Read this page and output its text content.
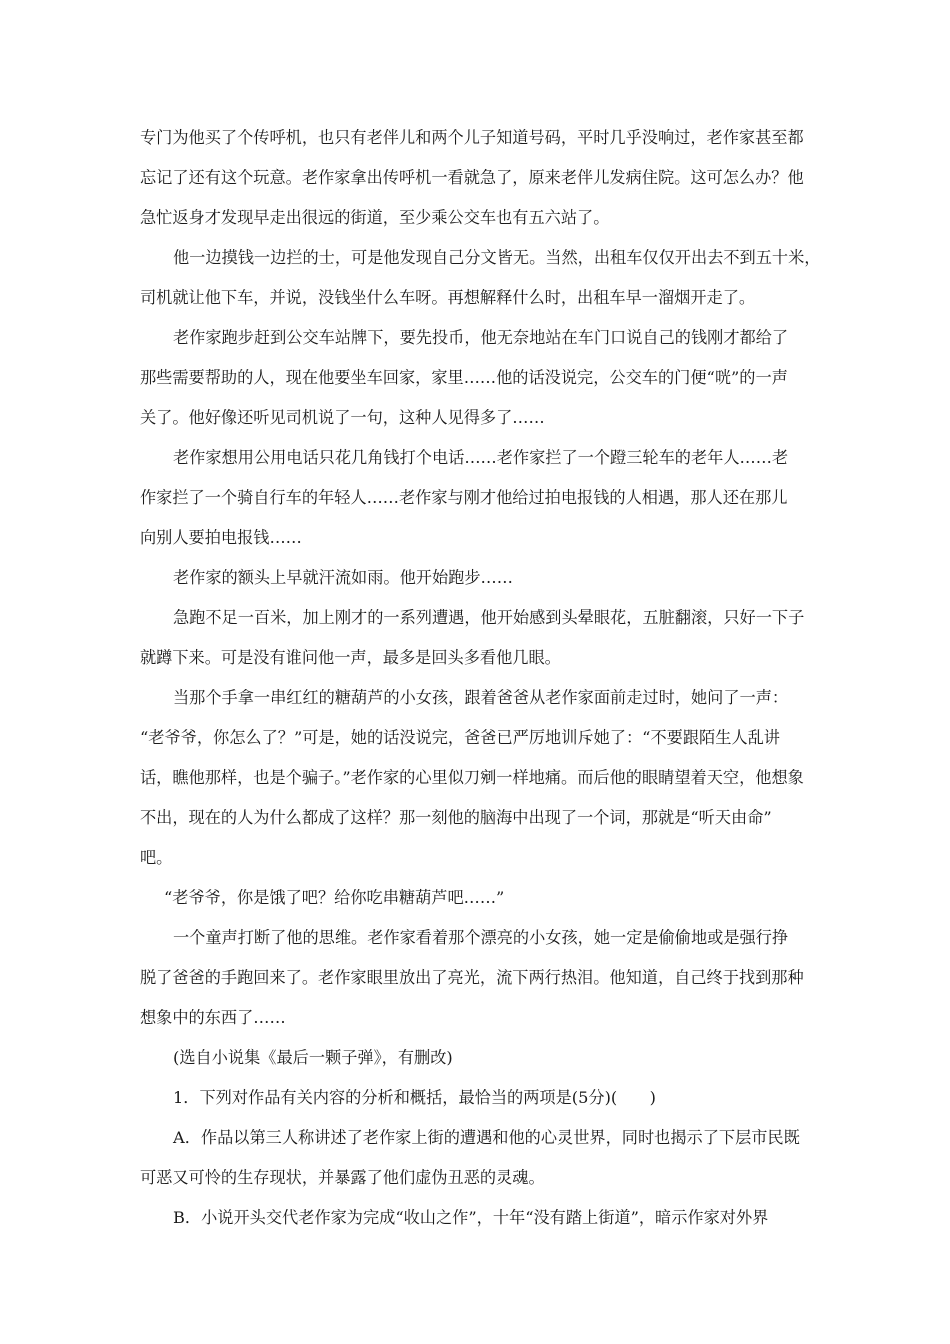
专门为他买了个传呼机，也只有老伴儿和两个儿子知道号码，平时几乎没响过，老作家甚至都
忘记了还有这个玩意。老作家拿出传呼机一看就急了，原来老伴儿发病住院。这可怎么办？他
急忙返身才发现早走出很远的街道，至少乘公交车也有五六站了。
他一边摸钱一边拦的士，可是他发现自己分文皆无。当然，出租车仅仅开出去不到五十米，
司机就让他下车，并说，没钱坐什么车呀。再想解释什么时，出租车早一溜烟开走了。
老作家跑步赶到公交车站牌下，要先投币，他无奈地站在车门口说自己的钱刚才都给了
那些需要帮助的人，现在他要坐车回家，家里……他的话没说完，公交车的门便“咣”的一声
关了。他好像还听见司机说了一句，这种人见得多了……
老作家想用公用电话只花几角钱打个电话……老作家拦了一个蹬三轮车的老年人……老
作家拦了一个骑自行车的年轻人……老作家与刚才他给过拍电报钱的人相遇，那人还在那儿
向别人要拍电报钱……
老作家的额头上早就汗流如雨。他开始跑步……
急跑不足一百米，加上刚才的一系列遭遇，他开始感到头晕眼花，五脏翻滚，只好一下子
就蹲下来。可是没有谁问他一声，最多是回头多看他几眼。
当那个手拿一串红红的糖葫芦的小女孩，跟着爸爸从老作家面前走过时，她问了一声：
“老爷爷，你怎么了？”可是，她的话没说完，爸爸已严厉地训斥她了：“不要跟陌生人乱讲
话，瞧他那样，也是个骗子。”老作家的心里似刀剜一样地痛。而后他的眼睛望着天空，他想象
不出，现在的人为什么都成了这样？那一刻他的脑海中出现了一个词，那就是“听天由命”
吧。
“老爷爷，你是饿了吧？给你吃串糖葫芦吧……”
一个童声打断了他的思维。老作家看着那个漂亮的小女孩，她一定是偷偷地或是强行挣
脱了爸爸的手跑回来了。老作家眼里放出了亮光，流下两行热泪。他知道，自己终于找到那种
想象中的东西了……
(选自小说集《最后一颗子弹》，有删改)
1．下列对作品有关内容的分析和概括，最恰当的两项是(5分)(　　)
A．作品以第三人称讲述了老作家上街的遭遇和他的心灵世界，同时也揭示了下层市民既
可恶又可怜的生存现状，并暴露了他们虚伪丑恶的灵魂。
B．小说开头交代老作家为完成“收山之作”，十年“没有踏上街道”，暗示作家对外界
